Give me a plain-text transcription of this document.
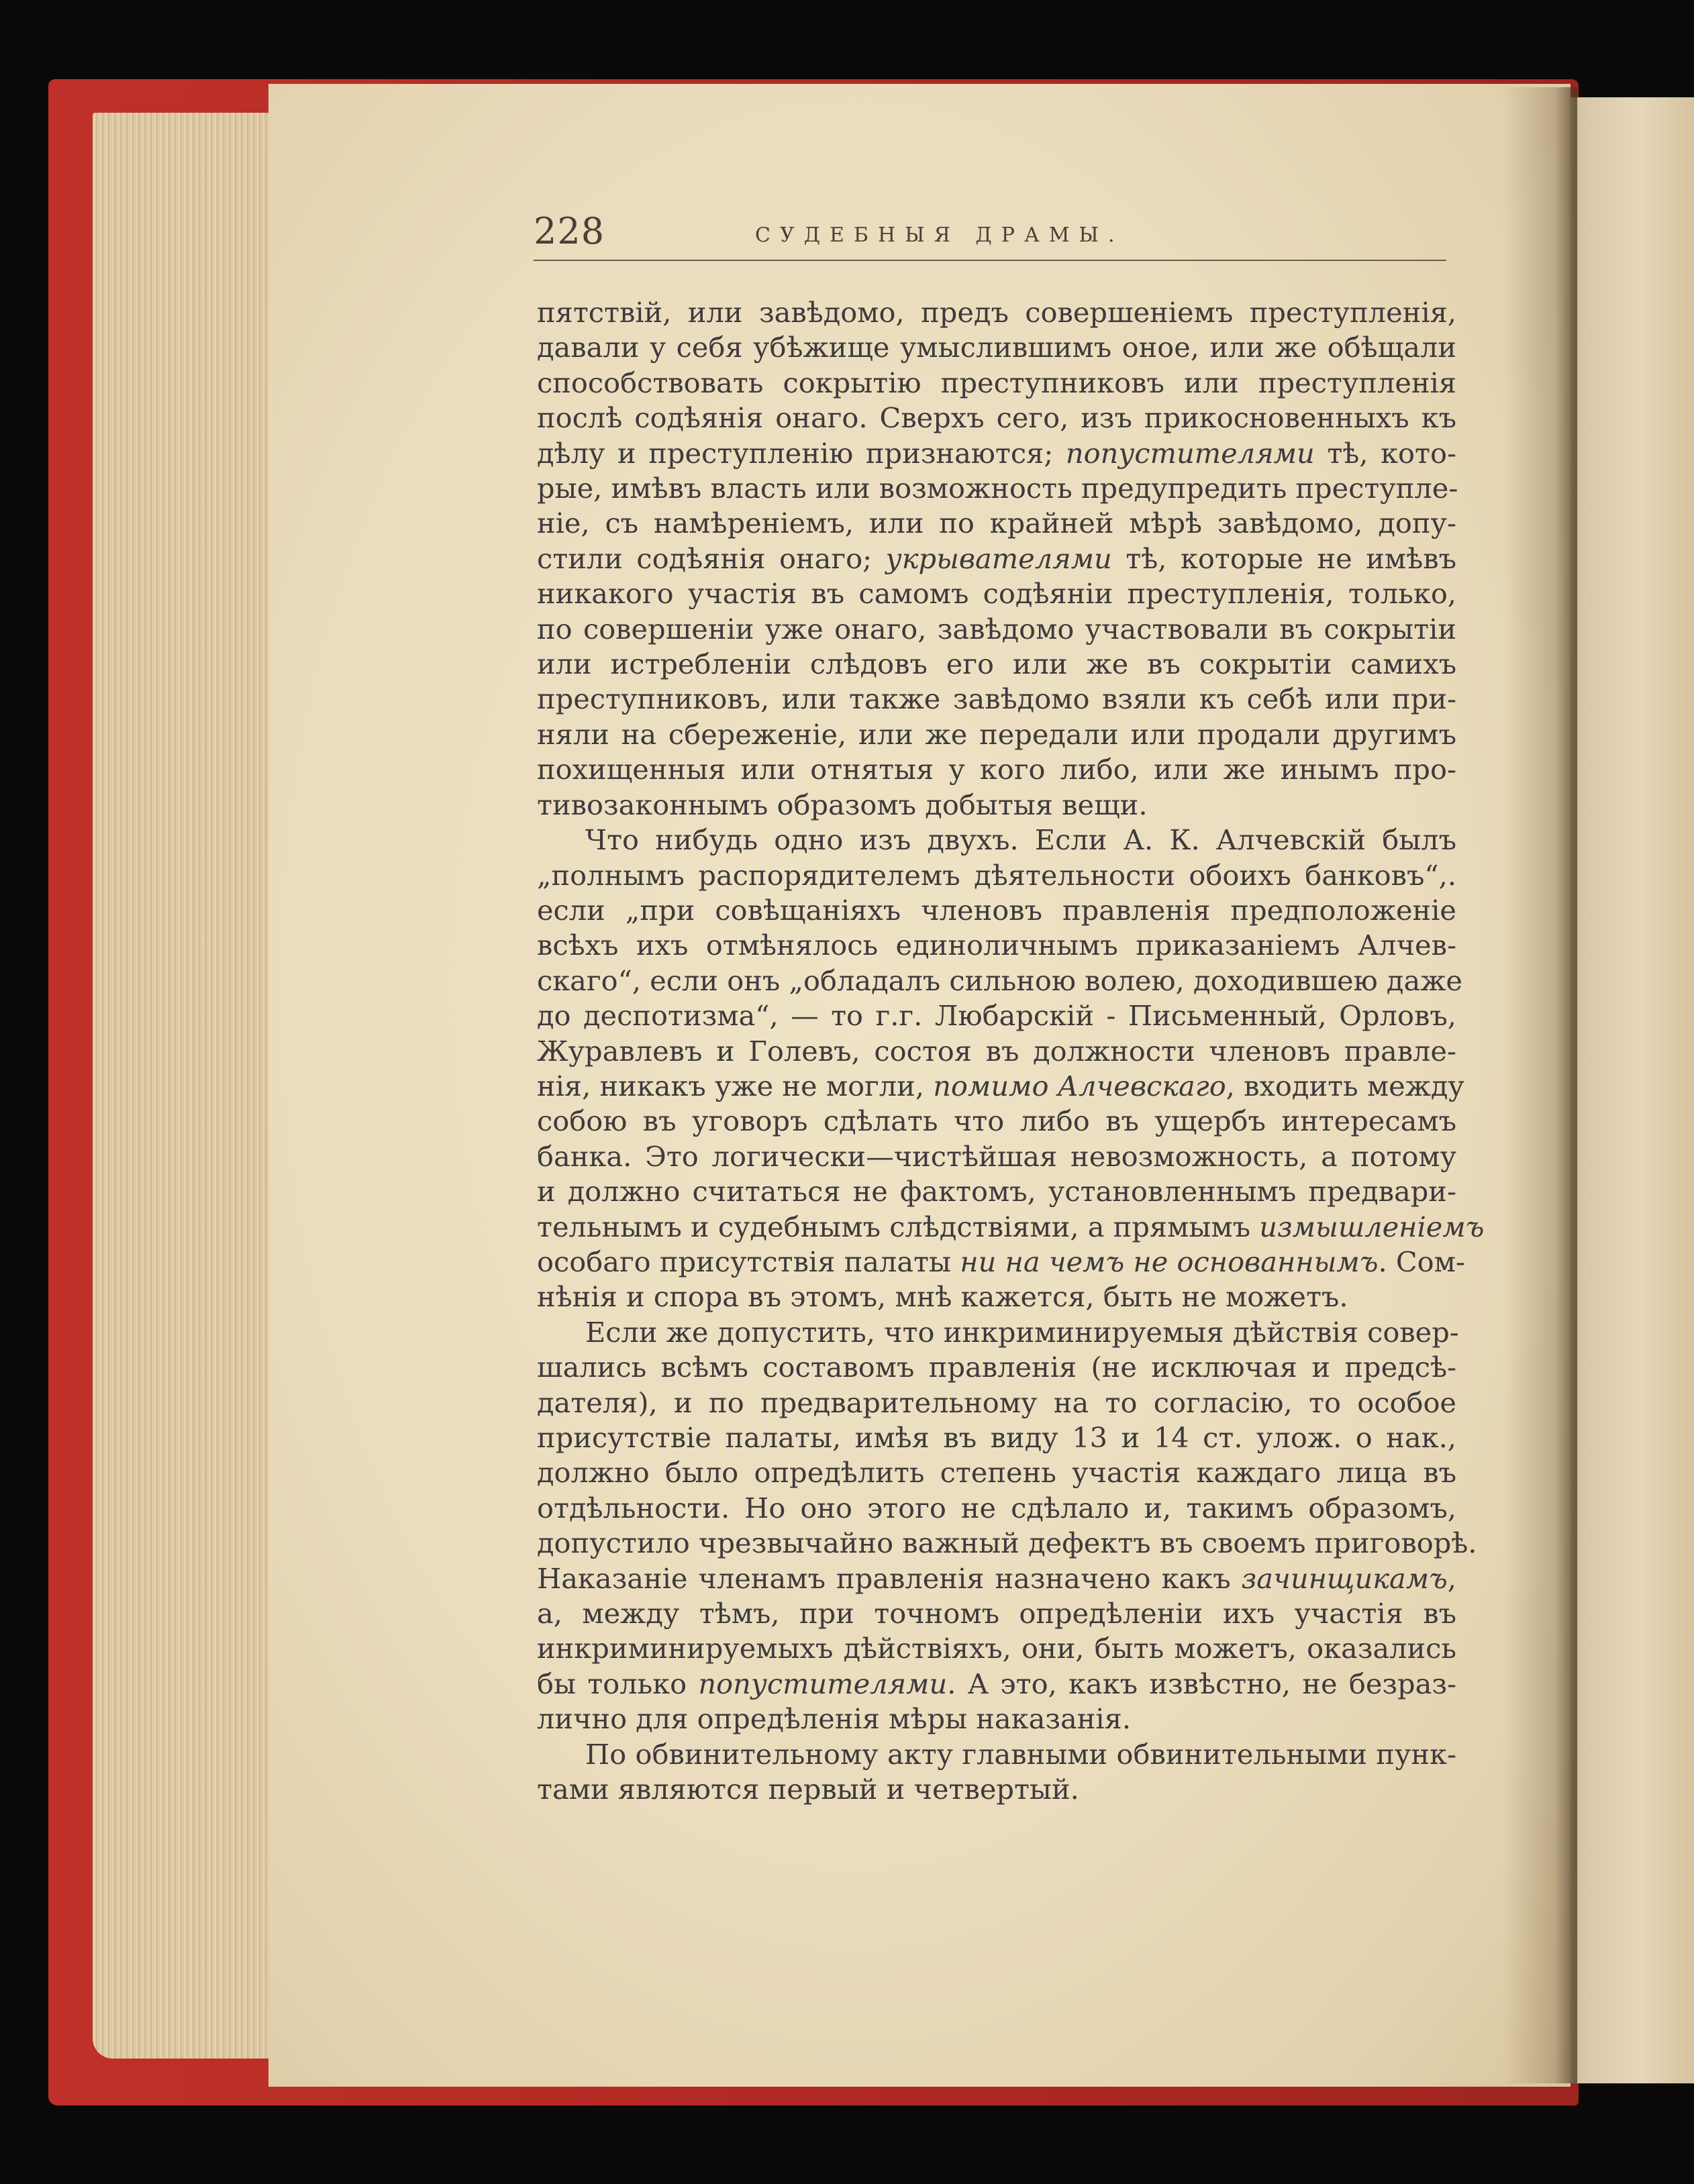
228	СУДЕБНЫЯ ДРАМЫ.
пятствій, или завѣдомо, предъ совершеніемъ преступленія,
давали у себя убѣжище умыслившимъ оное, или же обѣщали
способствовать сокрытію преступниковъ или преступленія
послѣ содѣянія онаго. Сверхъ сего, изъ прикосновенныхъ къ
дѣлу и преступленію признаются; попустителями тѣ, кото-
рые, имѣвъ власть или возможность предупредить преступле-
ніе, съ намѣреніемъ, или по крайней мѣрѣ завѣдомо, допу-
стили содѣянія онаго; укрывателями тѣ, которые не имѣвъ
никакого участія въ самомъ содѣяніи преступленія, только,
по совершеніи уже онаго, завѣдомо участвовали въ сокрытіи
или истребленіи слѣдовъ его или же въ сокрытіи самихъ
преступниковъ, или также завѣдомо взяли къ себѣ или при-
няли на сбереженіе, или же передали или продали другимъ
похищенныя или отнятыя у кого либо, или же инымъ про-
тивозаконнымъ образомъ добытыя вещи.
Что нибудь одно изъ двухъ. Если А. К. Алчевскій былъ
„полнымъ распорядителемъ дѣятельности обоихъ банковъ“,.
если „при совѣщаніяхъ членовъ правленія предположеніе
всѣхъ ихъ отмѣнялось единоличнымъ приказаніемъ Алчев-
скаго“, если онъ „обладалъ сильною волею, доходившею даже
до деспотизма“, — то г.г. Любарскій - Письменный, Орловъ,
Журавлевъ и Голевъ, состоя въ должности членовъ правле-
нія, никакъ уже не могли, помимо Алчевскаго, входить между
собою въ уговоръ сдѣлать что либо въ ущербъ интересамъ
банка. Это логически—чистѣйшая невозможность, а потому
и должно считаться не фактомъ, установленнымъ предвари-
тельнымъ и судебнымъ слѣдствіями, а прямымъ измышленіемъ
особаго присутствія палаты ни на чемъ не основаннымъ. Сом-
нѣнія и спора въ этомъ, мнѣ кажется, быть не можетъ.
Если же допустить, что инкриминируемыя дѣйствія совер-
шались всѣмъ составомъ правленія (не исключая и предсѣ-
дателя), и по предварительному на то согласію, то особое
присутствіе палаты, имѣя въ виду 13 и 14 ст. улож. о нак.,
должно было опредѣлить степень участія каждаго лица въ
отдѣльности. Но оно этого не сдѣлало и, такимъ образомъ,
допустило чрезвычайно важный дефектъ въ своемъ приговорѣ.
Наказаніе членамъ правленія назначено какъ зачинщикамъ,
а, между тѣмъ, при точномъ опредѣленіи ихъ участія въ
инкриминируемыхъ дѣйствіяхъ, они, быть можетъ, оказались
бы только попустителями. А это, какъ извѣстно, не безраз-
лично для опредѣленія мѣры наказанія.
По обвинительному акту главными обвинительными пунк-
тами являются первый и четвертый.
